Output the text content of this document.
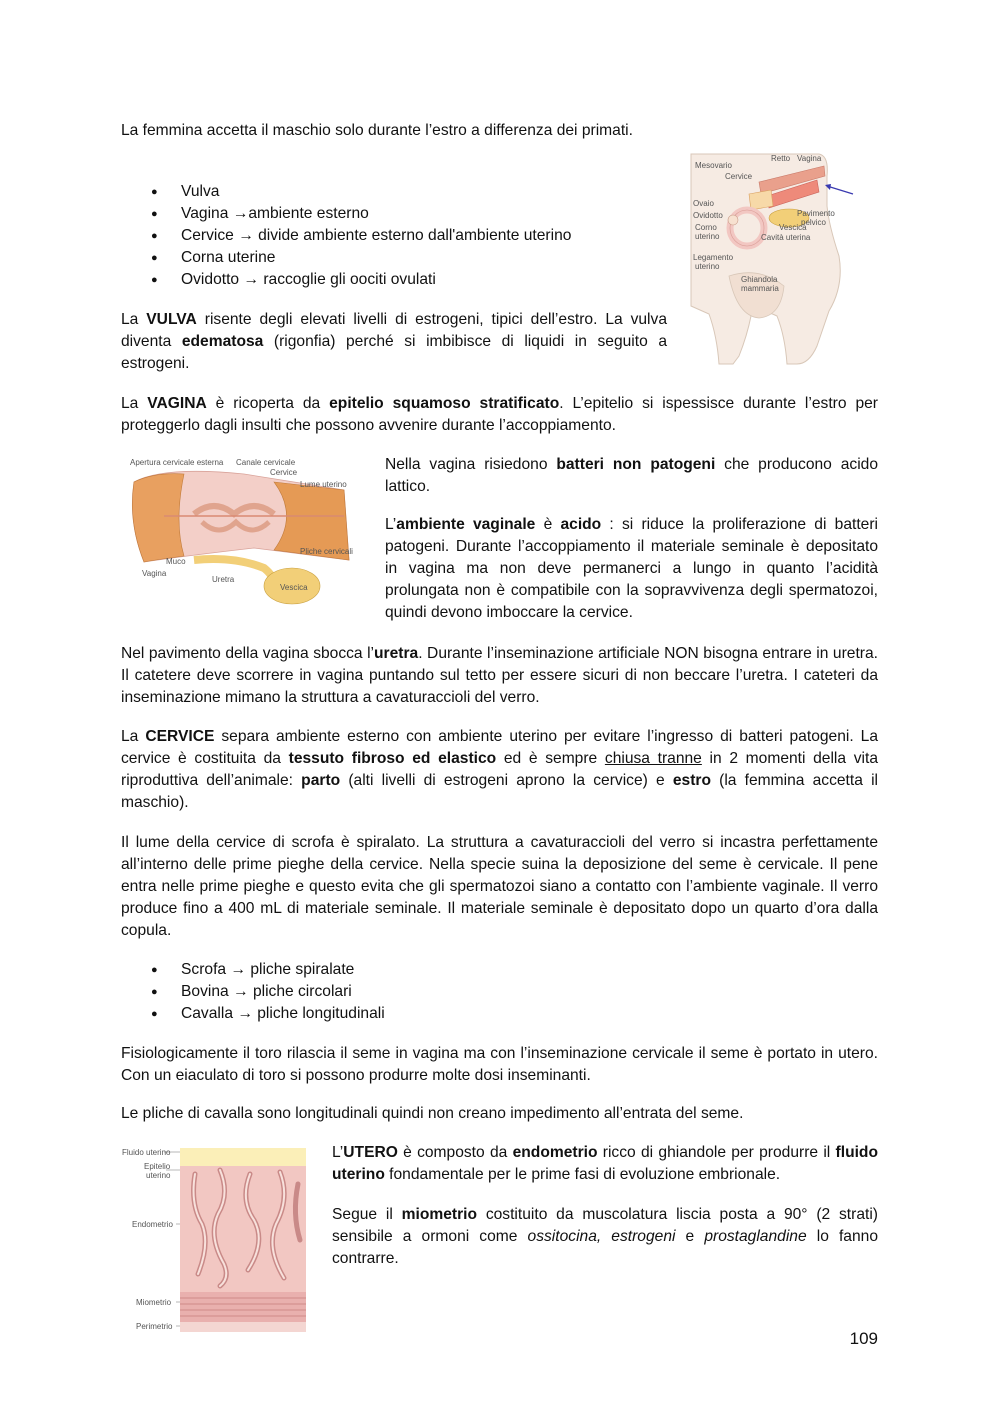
La femmina accetta il maschio solo durante l’estro a differenza dei primati.

● Vulva
● Vagina →ambiente esterno
● Cervice → divide ambiente esterno dall'ambiente uterino
● Corna uterine
● Ovidotto → raccoglie gli oociti ovulati

La VULVA risente degli elevati livelli di estrogeni, tipici dell’estro. La vulva diventa edematosa (rigonfia) perché si imbibisce di liquidi in seguito a estrogeni.

Retto Vagina
Mesovario
Cervice
Ovaio
Ovidotto
Corno
uterino
Pavimento
pelvico
Vescica
Cavità uterina
Legamento
uterino
Ghiandola
mammaria

La VAGINA è ricoperta da epitelio squamoso stratificato. L’epitelio si ispessisce durante l’estro per proteggerlo dagli insulti che possono avvenire durante l’accoppiamento.

Apertura cervicale esterna Canale cervicale
Cervice
Lume uterino
Pliche cervicali
Muco
Vagina
Uretra
Vescica

Nella vagina risiedono batteri non patogeni che producono acido lattico.

L’ambiente vaginale è acido : si riduce la proliferazione di batteri patogeni. Durante l’accoppiamento il materiale seminale è depositato in vagina ma non deve permanerci a lungo in quanto l’acidità prolungata non è compatibile con la sopravvivenza degli spermatozoi, quindi devono imboccare la cervice.

Nel pavimento della vagina sbocca l’uretra. Durante l’inseminazione artificiale NON bisogna entrare in uretra. Il catetere deve scorrere in vagina puntando sul tetto per essere sicuri di non beccare l’uretra. I cateteri da inseminazione mimano la struttura a cavaturaccioli del verro.

La CERVICE separa ambiente esterno con ambiente uterino per evitare l’ingresso di batteri patogeni. La cervice è costituita da tessuto fibroso ed elastico ed è sempre chiusa tranne in 2 momenti della vita riproduttiva dell’animale: parto (alti livelli di estrogeni aprono la cervice) e estro (la femmina accetta il maschio).

Il lume della cervice di scrofa è spiralato. La struttura a cavaturaccioli del verro si incastra perfettamente all’interno delle prime pieghe della cervice. Nella specie suina la deposizione del seme è cervicale. Il pene entra nelle prime pieghe e questo evita che gli spermatozoi siano a contatto con l’ambiente vaginale. Il verro produce fino a 400 mL di materiale seminale. Il materiale seminale è depositato dopo un quarto d’ora dalla copula.

● Scrofa → pliche spiralate
● Bovina → pliche circolari
● Cavalla → pliche longitudinali

Fisiologicamente il toro rilascia il seme in vagina ma con l’inseminazione cervicale il seme è portato in utero. Con un eiaculato di toro si possono produrre molte dosi inseminanti.

Le pliche di cavalla sono longitudinali quindi non creano impedimento all’entrata del seme.

Fluido uterino
Epitelio
uterino
Endometrio
Miometrio
Perimetrio

L’UTERO è composto da endometrio ricco di ghiandole per produrre il fluido uterino fondamentale per le prime fasi di evoluzione embrionale.

Segue il miometrio costituito da muscolatura liscia posta a 90° (2 strati) sensibile a ormoni come ossitocina, estrogeni e prostaglandine lo fanno contrarre.

109
